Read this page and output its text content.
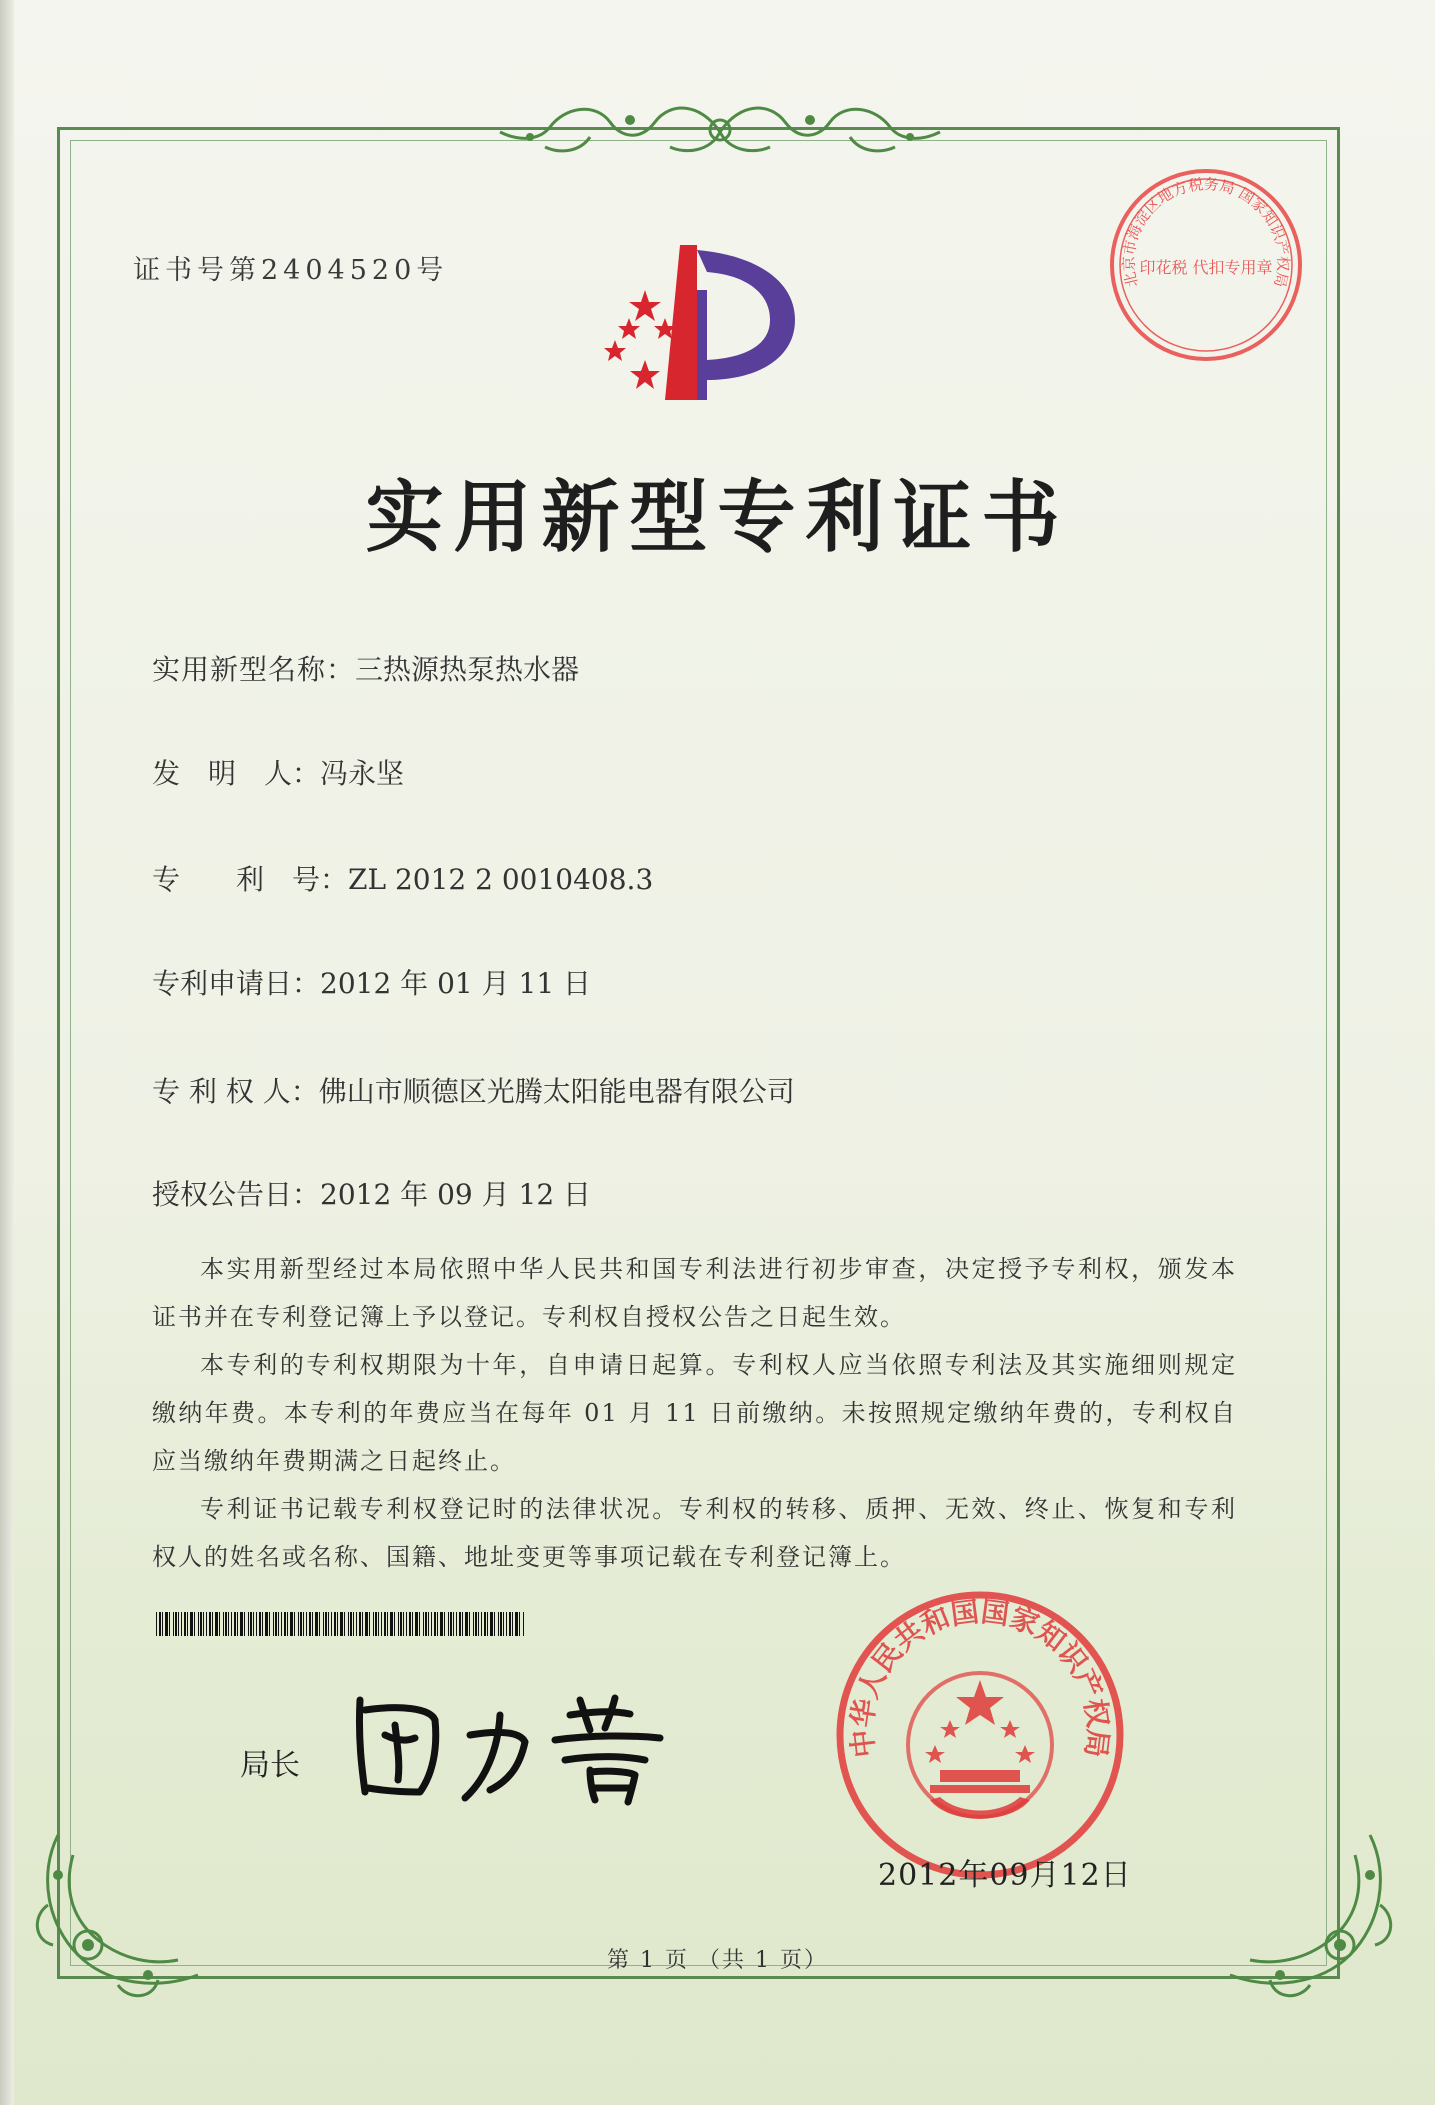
证书号第2404520号
实用新型专利证书
实用新型名称：三热源热泵热水器
发　明　人：冯永坚
专　　利　号：ZL 2012 2 0010408.3
专利申请日：2012 年 01 月 11 日
专 利 权 人：佛山市顺德区光腾太阳能电器有限公司
授权公告日：2012 年 09 月 12 日

本实用新型经过本局依照中华人民共和国专利法进行初步审查，决定授予专利权，颁发本证书并在专利登记簿上予以登记。专利权自授权公告之日起生效。

本专利的专利权期限为十年，自申请日起算。专利权人应当依照专利法及其实施细则规定缴纳年费。本专利的年费应当在每年 01 月 11 日前缴纳。未按照规定缴纳年费的，专利权自应当缴纳年费期满之日起终止。

专利证书记载专利权登记时的法律状况。专利权的转移、质押、无效、终止、恢复和专利权人的姓名或名称、国籍、地址变更等事项记载在专利登记簿上。

局长
中华人民共和国国家知识产权局
2012年09月12日
北京市海淀区地方税务局 国家知识产权局
印花税 代扣专用章
第 1 页 （共 1 页）
